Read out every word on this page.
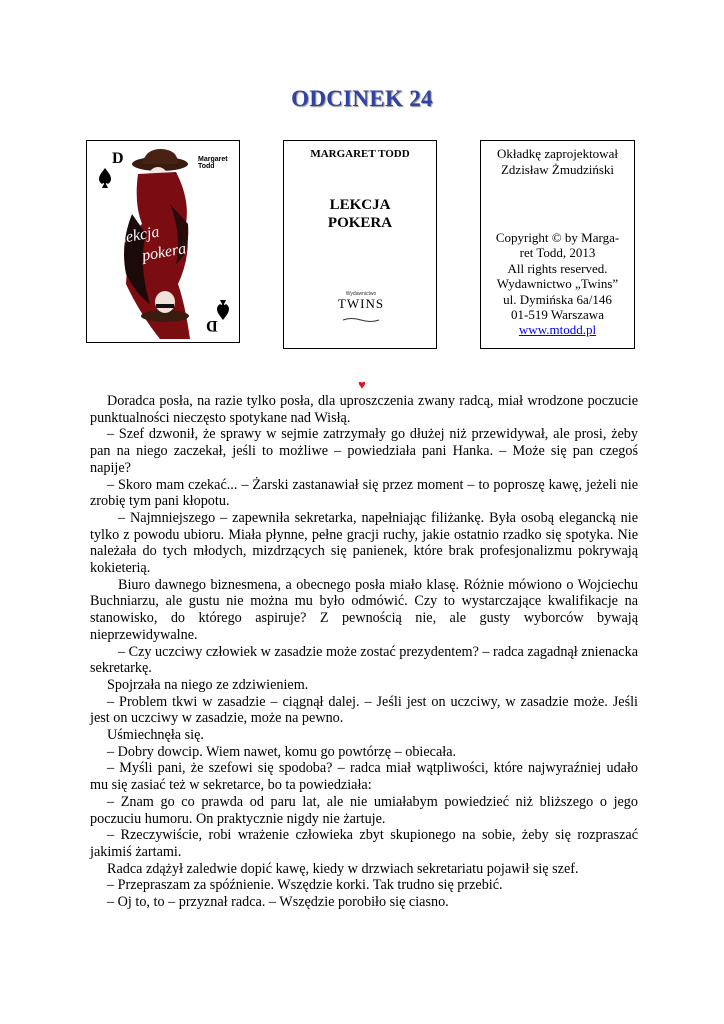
ODCINEK 24
D
D
Margaret Todd
Lekcja
pokera
MARGARET TODD
LEKCJA
POKERA
Wydawnictwo
TWINS
Okładkę zaprojektował
Zdzisław Żmudziński
Copyright © by Marga-
ret Todd, 2013
All rights reserved.
Wydawnictwo „Twins”
ul. Dymińska 6a/146
01-519 Warszawa
www.mtodd.pl
♥

Doradca posła, na razie tylko posła, dla uproszczenia zwany radcą, miał wrodzone poczucie punktualności nieczęsto spotykane nad Wisłą.

– Szef dzwonił, że sprawy w sejmie zatrzymały go dłużej niż przewidywał, ale prosi, żeby pan na niego zaczekał, jeśli to możliwe – powiedziała pani Hanka. – Może się pan czegoś napije?

– Skoro mam czekać... – Żarski zastanawiał się przez moment – to poproszę kawę, jeżeli nie zrobię tym pani kłopotu.

– Najmniejszego – zapewniła sekretarka, napełniając filiżankę. Była osobą elegancką nie tylko z powodu ubioru. Miała płynne, pełne gracji ruchy, jakie ostatnio rzadko się spotyka. Nie należała do tych młodych, mizdrzących się panienek, które brak profesjonalizmu pokrywają kokieterią.

Biuro dawnego biznesmena, a obecnego posła miało klasę. Różnie mówiono o Wojciechu Buchniarzu, ale gustu nie można mu było odmówić. Czy to wystarczające kwalifikacje na stanowisko, do którego aspiruje? Z pewnością nie, ale gusty wyborców bywają nieprzewidywalne.

– Czy uczciwy człowiek w zasadzie może zostać prezydentem? – radca zagadnął znienacka sekretarkę.

Spojrzała na niego ze zdziwieniem.

– Problem tkwi w zasadzie – ciągnął dalej. – Jeśli jest on uczciwy, w zasadzie może. Jeśli jest on uczciwy w zasadzie, może na pewno.

Uśmiechnęła się.

– Dobry dowcip. Wiem nawet, komu go powtórzę – obiecała.

– Myśli pani, że szefowi się spodoba? – radca miał wątpliwości, które najwyraźniej udało mu się zasiać też w sekretarce, bo ta powiedziała:

– Znam go co prawda od paru lat, ale nie umiałabym powiedzieć niż bliższego o jego poczuciu humoru. On praktycznie nigdy nie żartuje.

– Rzeczywiście, robi wrażenie człowieka zbyt skupionego na sobie, żeby się rozpraszać jakimiś żartami.

Radca zdążył zaledwie dopić kawę, kiedy w drzwiach sekretariatu pojawił się szef.

– Przepraszam za spóźnienie. Wszędzie korki. Tak trudno się przebić.

– Oj to, to – przyznał radca. – Wszędzie porobiło się ciasno.
